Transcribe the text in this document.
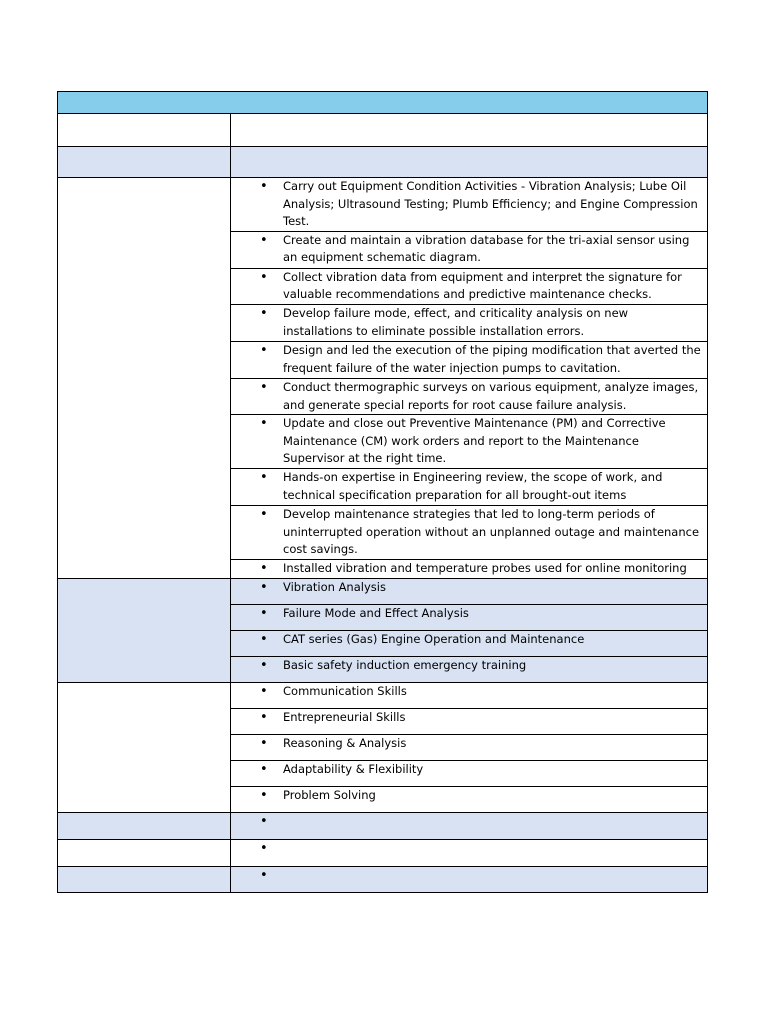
	• Carry out Equipment Condition Activities - Vibration Analysis; Lube Oil Analysis; Ultrasound Testing; Plumb Efficiency; and Engine Compression Test.

	• Create and maintain a vibration database for the tri-axial sensor using an equipment schematic diagram.

	• Collect vibration data from equipment and interpret the signature for valuable recommendations and predictive maintenance checks.

	• Develop failure mode, effect, and criticality analysis on new installations to eliminate possible installation errors.

	• Design and led the execution of the piping modification that averted the frequent failure of the water injection pumps to cavitation.

	• Conduct thermographic surveys on various equipment, analyze images, and generate special reports for root cause failure analysis.

	• Update and close out Preventive Maintenance (PM) and Corrective Maintenance (CM) work orders and report to the Maintenance Supervisor at the right time.

	• Hands-on expertise in Engineering review, the scope of work, and technical specification preparation for all brought-out items

	• Develop maintenance strategies that led to long-term periods of uninterrupted operation without an unplanned outage and maintenance cost savings.

	• Installed vibration and temperature probes used for online monitoring

	• Vibration Analysis

	• Failure Mode and Effect Analysis

	• CAT series (Gas) Engine Operation and Maintenance

	• Basic safety induction emergency training

	• Communication Skills

	• Entrepreneurial Skills

	• Reasoning & Analysis

	• Adaptability & Flexibility

	• Problem Solving

	•

	•

	•
